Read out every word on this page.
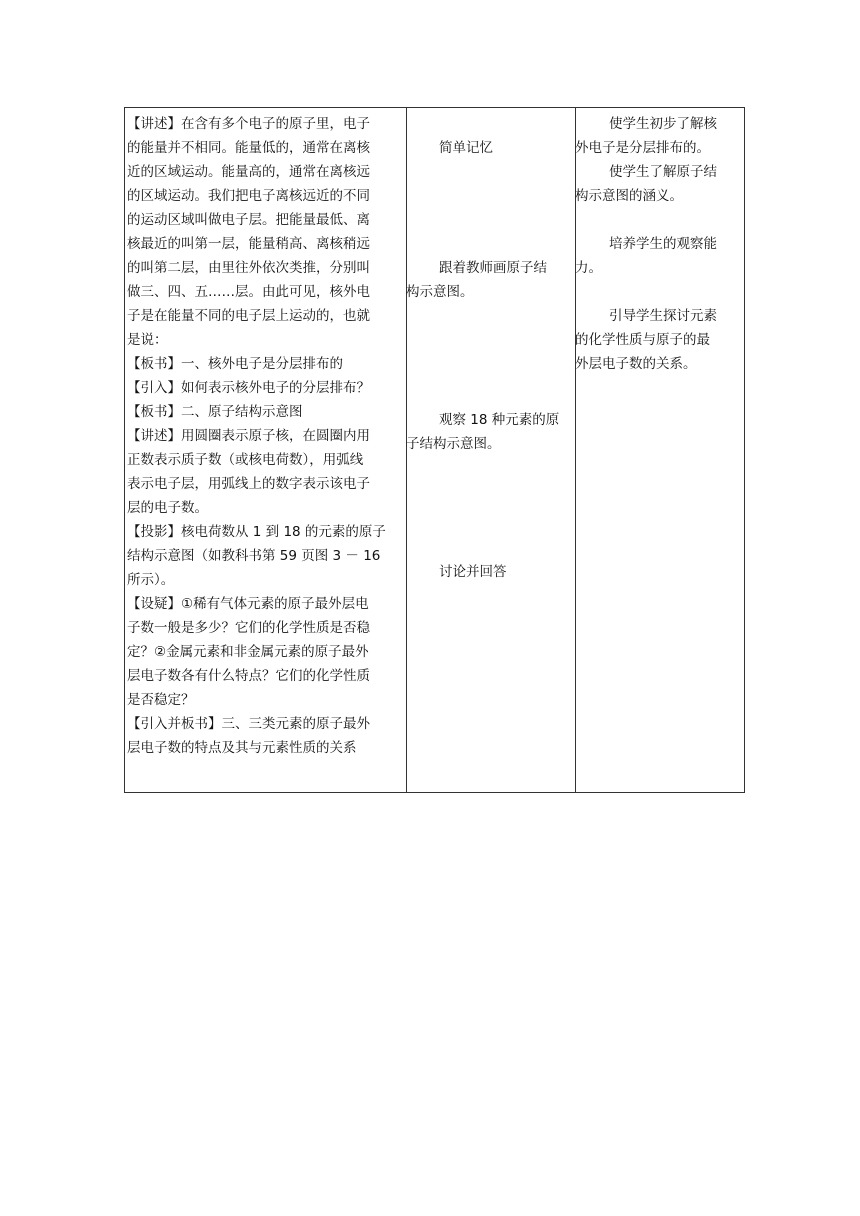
【讲述】在含有多个电子的原子里，电子
的能量并不相同。能量低的，通常在离核
近的区域运动。能量高的，通常在离核远
的区域运动。我们把电子离核远近的不同
的运动区域叫做电子层。把能量最低、离
核最近的叫第一层，能量稍高、离核稍远
的叫第二层，由里往外依次类推，分别叫
做三、四、五……层。由此可见，核外电
子是在能量不同的电子层上运动的，也就
是说：
【板书】一、核外电子是分层排布的
【引入】如何表示核外电子的分层排布？
【板书】二、原子结构示意图
【讲述】用圆圈表示原子核，在圆圈内用
正数表示质子数（或核电荷数），用弧线
表示电子层，用弧线上的数字表示该电子
层的电子数。
【投影】核电荷数从 1 到 18 的元素的原子
结构示意图（如教科书第 59 页图 3 － 16
所示）。
【设疑】①稀有气体元素的原子最外层电
子数一般是多少？它们的化学性质是否稳
定？②金属元素和非金属元素的原子最外
层电子数各有什么特点？它们的化学性质
是否稳定？
【引入并板书】三、三类元素的原子最外
层电子数的特点及其与元素性质的关系
简单记忆
跟着教师画原子结
构示意图。
观察 18 种元素的原
子结构示意图。
讨论并回答
使学生初步了解核
外电子是分层排布的。
使学生了解原子结
构示意图的涵义。
培养学生的观察能
力。
引导学生探讨元素
的化学性质与原子的最
外层电子数的关系。
